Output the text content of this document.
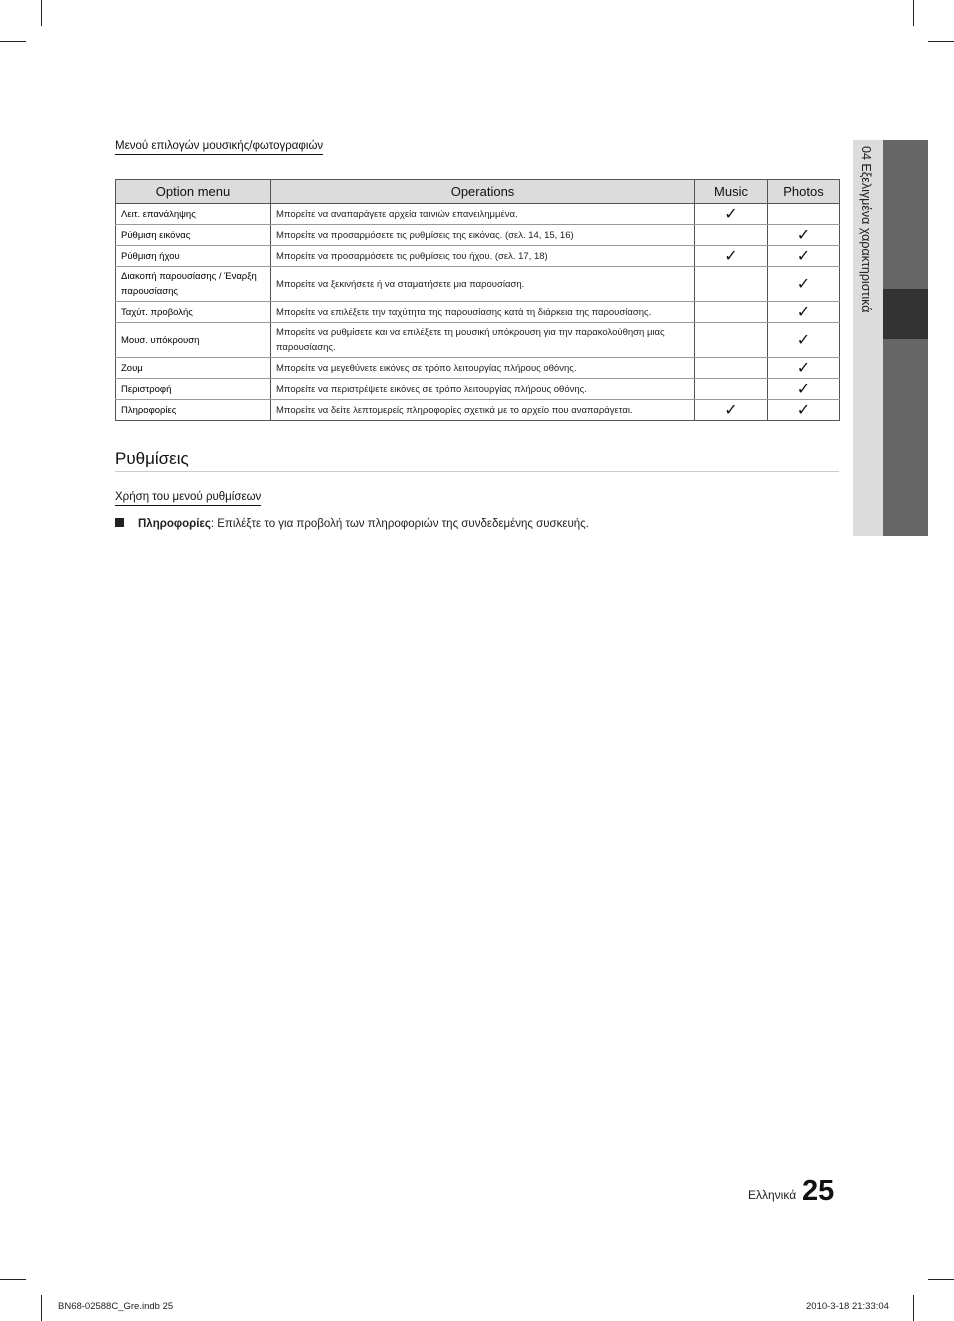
Μενού επιλογών μουσικής/φωτογραφιών
Option menu	Operations	Music	Photos
Λειτ. επανάληψης	Μπορείτε να αναπαράγετε αρχεία ταινιών επανειλημμένα.	✓	
Ρύθμιση εικόνας	Μπορείτε να προσαρμόσετε τις ρυθμίσεις της εικόνας. (σελ. 14, 15, 16)		✓
Ρύθμιση ήχου	Μπορείτε να προσαρμόσετε τις ρυθμίσεις του ήχου. (σελ. 17, 18)	✓	✓
Διακοπή παρουσίασης / Έναρξη παρουσίασης	Μπορείτε να ξεκινήσετε ή να σταματήσετε μια παρουσίαση.		✓
Ταχύτ. προβολής	Μπορείτε να επιλέξετε την ταχύτητα της παρουσίασης κατά τη διάρκεια της παρουσίασης.		✓
Μουσ. υπόκρουση	Μπορείτε να ρυθμίσετε και να επιλέξετε τη μουσική υπόκρουση για την παρακολούθηση μιας παρουσίασης.		✓
Ζουμ	Μπορείτε να μεγεθύνετε εικόνες σε τρόπο λειτουργίας πλήρους οθόνης.		✓
Περιστροφή	Μπορείτε να περιστρέψετε εικόνες σε τρόπο λειτουργίας πλήρους οθόνης.		✓
Πληροφορίες	Μπορείτε να δείτε λεπτομερείς πληροφορίες σχετικά με το αρχείο που αναπαράγεται.	✓	✓
Ρυθμίσεις
Χρήση του μενού ρυθμίσεων
Πληροφορίες: Επιλέξτε το για προβολή των πληροφοριών της συνδεδεμένης συσκευής.
04 Εξελιγμένα χαρακτηριστικά
Ελληνικά 25
BN68-02588C_Gre.indb 25	2010-3-18 21:33:04
